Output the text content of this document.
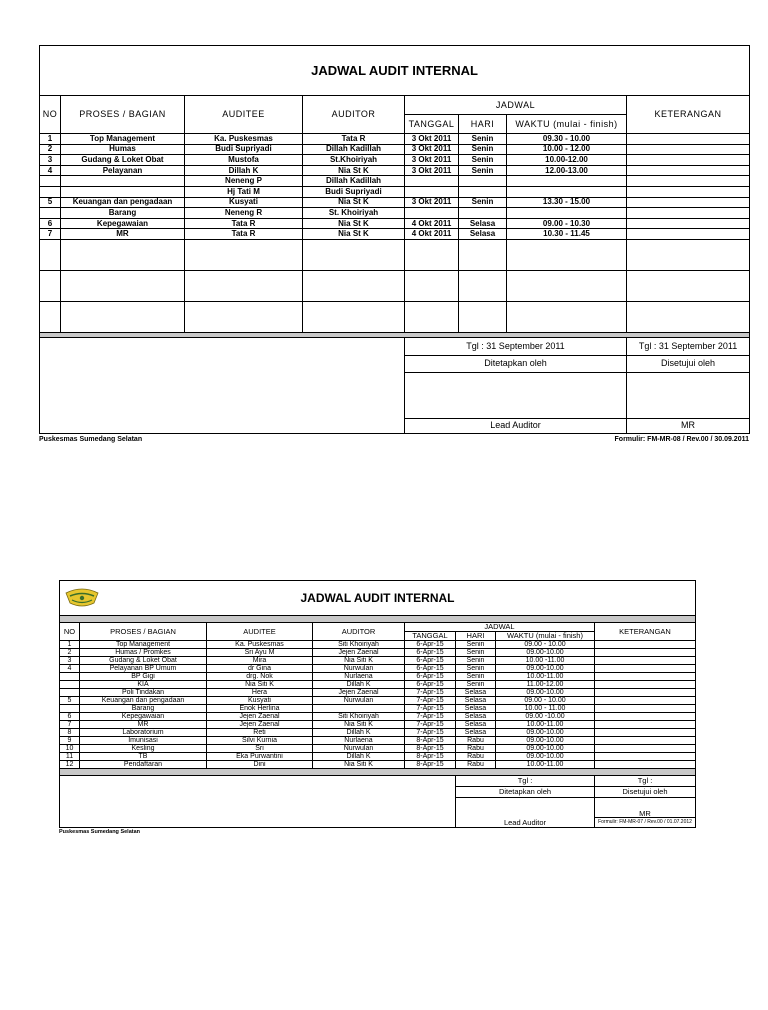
JADWAL AUDIT INTERNAL							
NO	PROSES / BAGIAN	AUDITEE	AUDITOR	JADWAL			KETERANGAN
				TANGGAL	HARI	WAKTU (mulai - finish)	
1	Top Management	Ka. Puskesmas	Tata R	3 Okt 2011	Senin	09.30 - 10.00	
2	Humas	Budi Supriyadi	Dillah Kadillah	3 Okt 2011	Senin	10.00 - 12.00	
3	Gudang & Loket Obat	Mustofa	St.Khoiriyah	3 Okt 2011	Senin	10.00-12.00	
4	Pelayanan	Dillah K	Nia St K	3 Okt 2011	Senin	12.00-13.00	
		Neneng P	Dillah Kadillah				
		Hj Tati M	Budi Supriyadi				
5	Keuangan dan pengadaan	Kusyati	Nia St K	3 Okt 2011	Senin	13.30 - 15.00	
	Barang	Neneng R	St. Khoiriyah				
6	Kepegawaian	Tata R	Nia St K	4 Okt 2011	Selasa	09.00 - 10.30	
7	MR	Tata R	Nia St K	4 Okt 2011	Selasa	10.30 - 11.45	

				Tgl : 31 September 2011			Tgl : 31 September 2011
				Ditetapkan oleh			Disetujui oleh

				Lead Auditor			MR
Puskesmas Sumedang Selatan	Formulir: FM-MR-08 / Rev.00 / 30.09.2011
JADWAL AUDIT INTERNAL							

NO	PROSES / BAGIAN	AUDITEE	AUDITOR	JADWAL			KETERANGAN
				TANGGAL	HARI	WAKTU (mulai - finish)	
1	Top Management	Ka. Puskesmas	Siti Khoiriyah	6-Apr-15	Senin	09.00 - 10.00	
2	Humas / Promkes	Sri Ayu M	Jejen Zaenal	6-Apr-15	Senin	09.00-10.00	
3	Gudang & Loket Obat	Mira	Nia Siti K	6-Apr-15	Senin	10.00 -11.00	
4	Pelayanan BP Umum	dr Gina	Nurwulan	6-Apr-15	Senin	09.00-10.00	
	BP Gigi	drg. Nok	Nurlaena	6-Apr-15	Senin	10.00-11.00	
	KIA	Nia Siti K	Dillah K	6-Apr-15	Senin	11.00-12.00	
	Poli Tindakan	Hera	Jejen Zaenal	7-Apr-15	Selasa	09.00-10.00	
5	Keuangan dan pengadaan	Kusyati	Nurwulan	7-Apr-15	Selasa	09.00 - 10.00	
	Barang	Enok Herlina		7-Apr-15	Selasa	10.00 - 11.00	
6	Kepegawaian	Jejen Zaenal	Siti Khoiriyah	7-Apr-15	Selasa	09.00 -10.00	
7	MR	Jejen Zaenal	Nia Siti K	7-Apr-15	Selasa	10.00-11.00	
8	Laboratorium	Reti	Dillah K	7-Apr-15	Selasa	09.00-10.00	
9	Imunisasi	Silvi Kurnia	Nurlaena	8-Apr-15	Rabu	09.00-10.00	
10	Kesling	Sri	Nurwulan	8-Apr-15	Rabu	09.00-10.00	
11	TB	Eka Purwantini	Dillah K	8-Apr-15	Rabu	09.00-10.00	
12	Pendaftaran	Dini	Nia Siti K	8-Apr-15	Rabu	10.00-11.00	

					Tgl :		Tgl :
					Ditetapkan oleh		Disetujui oleh
							MR
					Lead Auditor		Formulir: FM-MR-07 / Rev.00 / 01.07.2012
Puskesmas Sumedang Selatan
